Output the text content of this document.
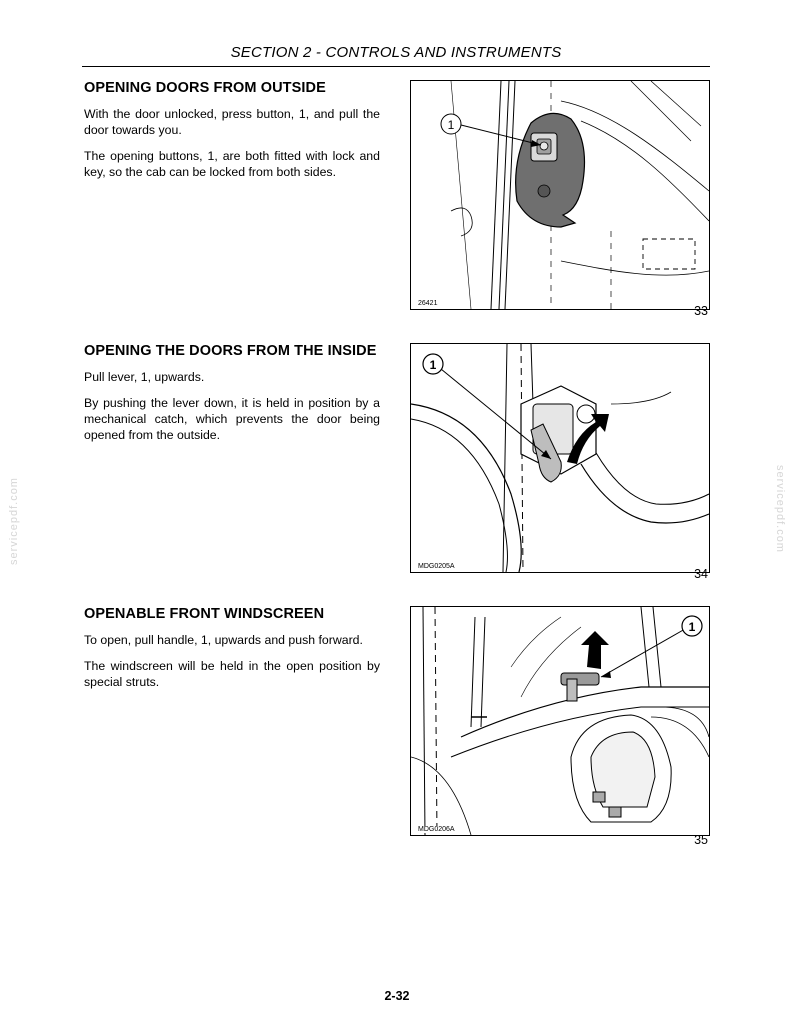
SECTION 2 - CONTROLS AND INSTRUMENTS
servicepdf.com	servicepdf.com
OPENING DOORS FROM OUTSIDE

With the door unlocked, press button, 1, and pull the door towards you.

The opening buttons, 1, are both fitted with lock and key, so the cab can be locked from both sides.

1
26421
33
OPENING THE DOORS FROM THE INSIDE

Pull lever, 1, upwards.

By pushing the lever down, it is held in position by a mechanical catch, which prevents the door being opened from the outside.

1
MDG0205A
34
OPENABLE FRONT WINDSCREEN

To open, pull handle, 1, upwards and push forward.

The windscreen will be held in the open position by special struts.

1
MDG0206A
35
2-32
